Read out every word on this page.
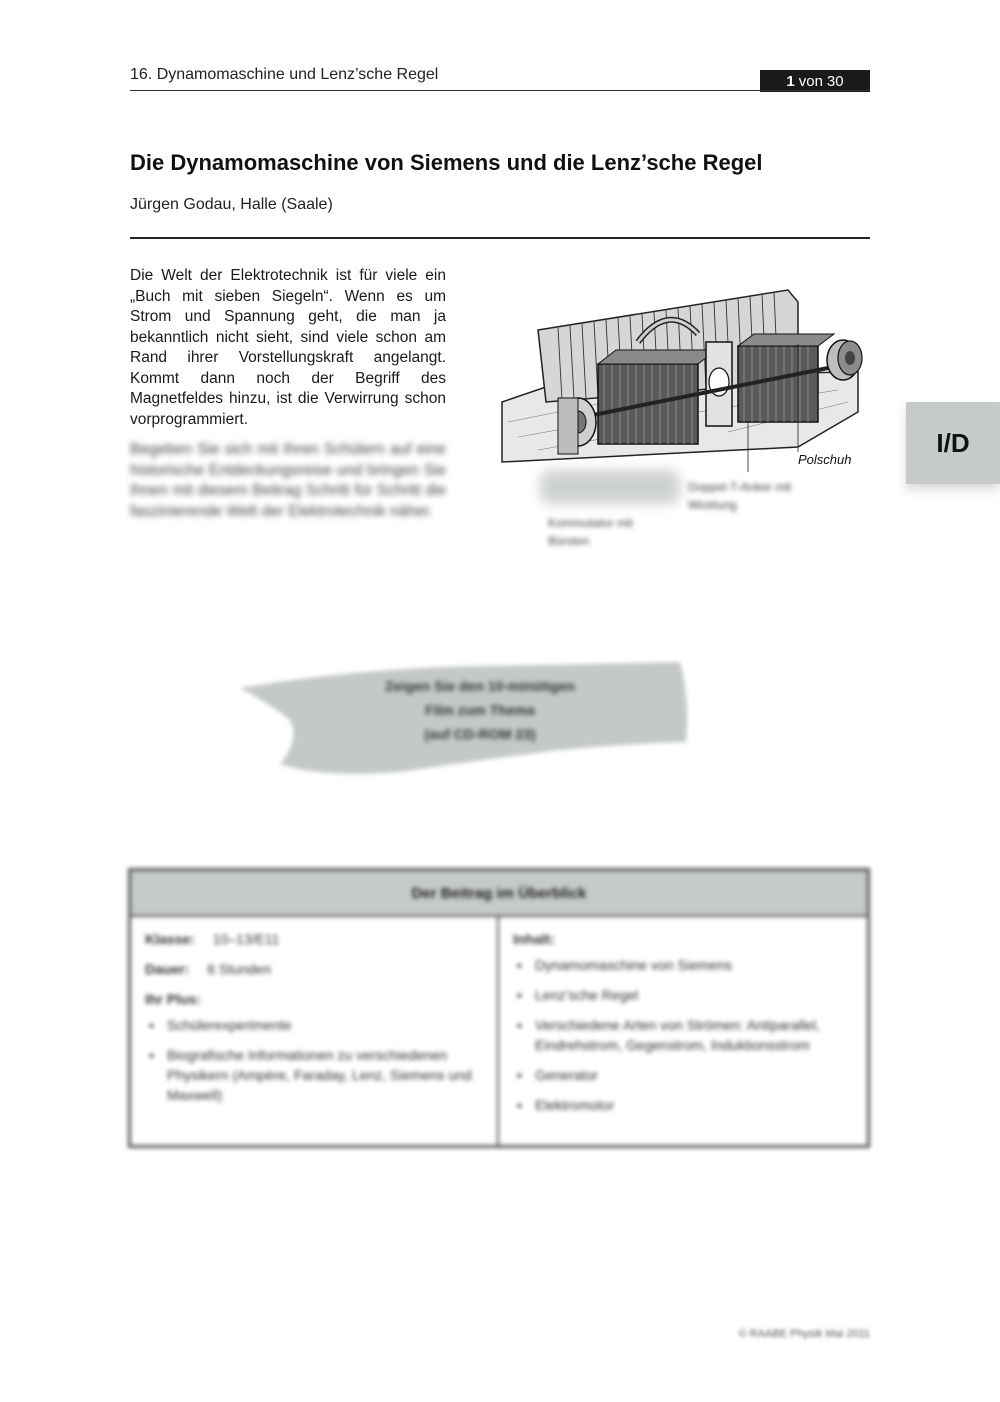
16. Dynamomaschine und Lenz’sche Regel	1 von 30
Die Dynamomaschine von Siemens und die Lenz’sche Regel
Jürgen Godau, Halle (Saale)

Die Welt der Elektrotechnik ist für viele ein „Buch mit sieben Siegeln“. Wenn es um Strom und Spannung geht, die man ja bekanntlich nicht sieht, sind viele schon am Rand ihrer Vorstellungskraft angelangt. Kommt dann noch der Begriff des Magnetfeldes hinzu, ist die Verwirrung schon vorprogrammiert.

Begeben Sie sich mit Ihren Schülern auf eine historische Entdeckungsreise und bringen Sie ihnen mit diesem Beitrag Schritt für Schritt die faszinierende Welt der Elektrotechnik näher.

Polschuh
Doppel-T-Anker mit Wicklung
Kommutator mit Bürsten
I/D
Zeigen Sie den 10-minütigen
Film zum Thema
(auf CD-ROM 23)
Der Beitrag im Überblick
Klasse: 10–13/E11
Dauer: 6 Stunden
Ihr Plus:
▪ Schülerexperimente
▪ Biografische Informationen zu verschiedenen Physikern (Ampère, Faraday, Lenz, Siemens und Maxwell)
Inhalt:
▪ Dynamomaschine von Siemens
▪ Lenz’sche Regel
▪ Verschiedene Arten von Strömen: Antiparallel, Eindrehstrom, Gegenstrom, Induktionsstrom
▪ Generator
▪ Elektromotor
© RAABE Physik Mai 2011
